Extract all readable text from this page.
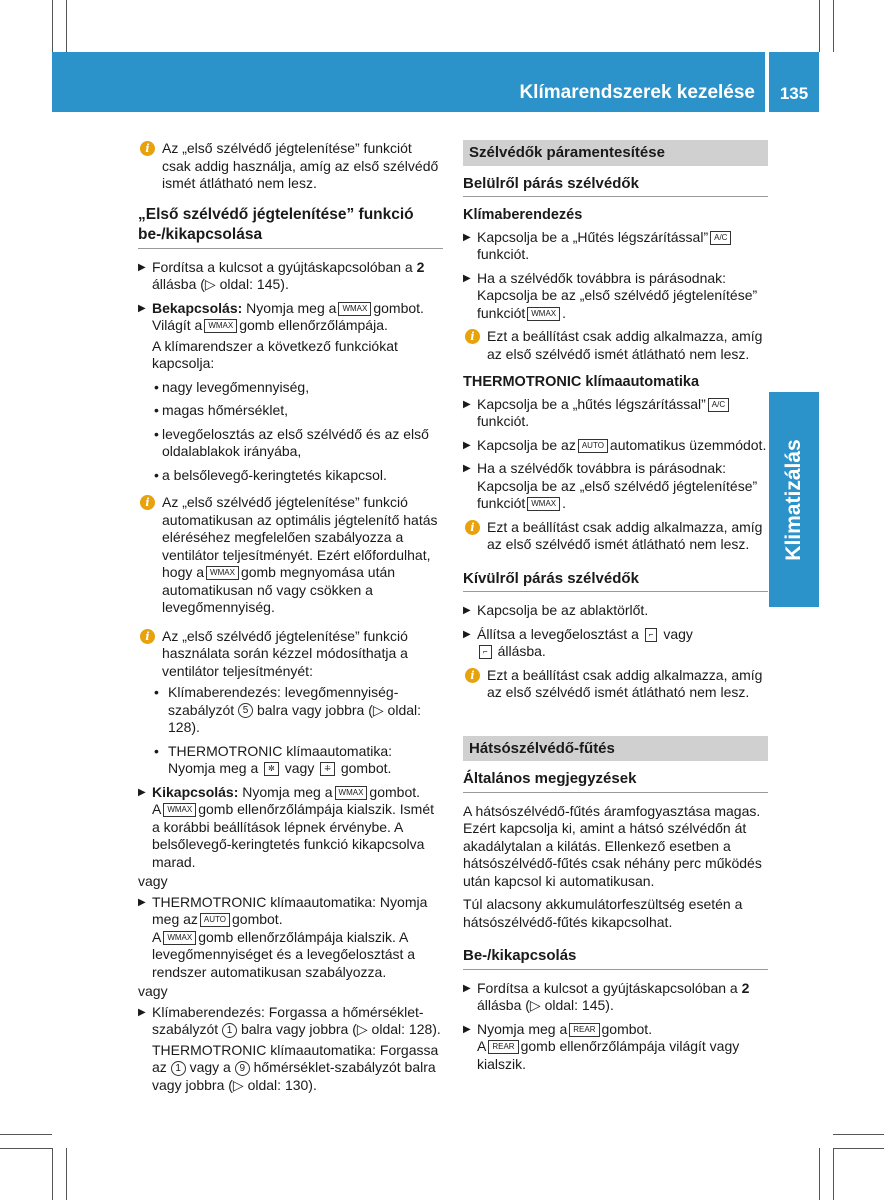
Klímarendszerek kezelése	135
Klimatizálás
i Az „első szélvédő jégtelenítése” funkciót csak addig használja, amíg az első szélvédő ismét átlátható nem lesz.
„Első szélvédő jégtelenítése” funkció be-/kikapcsolása
▶ Fordítsa a kulcsot a gyújtáskapcsolóban a 2 állásba (▷ oldal: 145).
▶ Bekapcsolás: Nyomja meg a WMAX gombot.
Világít a WMAX gomb ellenőrzőlámpája.

A klímarendszer a következő funkciókat kapcsolja:

• nagy levegőmennyiség,
• magas hőmérséklet,
• levegőelosztás az első szélvédő és az első oldalablakok irányába,
• a belsőlevegő-keringtetés kikapcsol.
i Az „első szélvédő jégtelenítése” funkció automatikusan az optimális jégtelenítő hatás eléréséhez megfelelően szabályozza a ventilátor teljesítményét. Ezért előfordulhat, hogy a WMAX gomb megnyomása után automatikusan nő vagy csökken a levegőmennyiség.
i Az „első szélvédő jégtelenítése” funkció használata során kézzel módosíthatja a ventilátor teljesítményét:
• Klímaberendezés: levegőmennyiség-szabályzót 5 balra vagy jobbra (▷ oldal: 128).
• THERMOTRONIC klímaautomatika: Nyomja meg a ✼ vagy ⁜ gombot.
▶ Kikapcsolás: Nyomja meg a WMAX gombot.
A WMAX gomb ellenőrzőlámpája kialszik. Ismét a korábbi beállítások lépnek érvénybe. A belsőlevegő-keringtetés funkció kikapcsolva marad.

vagy

▶ THERMOTRONIC klímaautomatika: Nyomja meg az AUTO gombot.
A WMAX gomb ellenőrzőlámpája kialszik. A levegőmennyiséget és a levegőelosztást a rendszer automatikusan szabályozza.

vagy

▶ Klímaberendezés: Forgassa a hőmérséklet-szabályzót 1 balra vagy jobbra (▷ oldal: 128).

THERMOTRONIC klímaautomatika: Forgassa az 1 vagy a 9 hőmérséklet-szabályzót balra vagy jobbra (▷ oldal: 130).

Szélvédők páramentesítése
Belülről párás szélvédők
Klímaberendezés
▶ Kapcsolja be a „Hűtés légszárítással” A/Cfunkciót.
▶ Ha a szélvédők továbbra is párásodnak: Kapcsolja be az „első szélvédő jégtelenítése” funkciót WMAX .
i Ezt a beállítást csak addig alkalmazza, amíg az első szélvédő ismét átlátható nem lesz.
THERMOTRONIC klímaautomatika
▶ Kapcsolja be a „hűtés légszárítással” A/Cfunkciót.
▶ Kapcsolja be az AUTO automatikus üzemmódot.
▶ Ha a szélvédők továbbra is párásodnak: Kapcsolja be az „első szélvédő jégtelenítése” funkciót WMAX .
i Ezt a beállítást csak addig alkalmazza, amíg az első szélvédő ismét átlátható nem lesz.
Kívülről párás szélvédők
▶ Kapcsolja be az ablaktörlőt.
▶ Állítsa a levegőelosztást a ⌐ vagy
⌐ állásba.
i Ezt a beállítást csak addig alkalmazza, amíg az első szélvédő ismét átlátható nem lesz.
Hátsószélvédő-fűtés
Általános megjegyzések

A hátsószélvédő-fűtés áramfogyasztása magas. Ezért kapcsolja ki, amint a hátsó szélvédőn át akadálytalan a kilátás. Ellenkező esetben a hátsószélvédő-fűtés csak néhány perc működés után kapcsol ki automatikusan.

Túl alacsony akkumulátorfeszültség esetén a hátsószélvédő-fűtés kikapcsolhat.

Be-/kikapcsolás
▶ Fordítsa a kulcsot a gyújtáskapcsolóban a 2 állásba (▷ oldal: 145).
▶ Nyomja meg a REAR gombot.
A REAR gomb ellenőrzőlámpája világít vagy kialszik.
